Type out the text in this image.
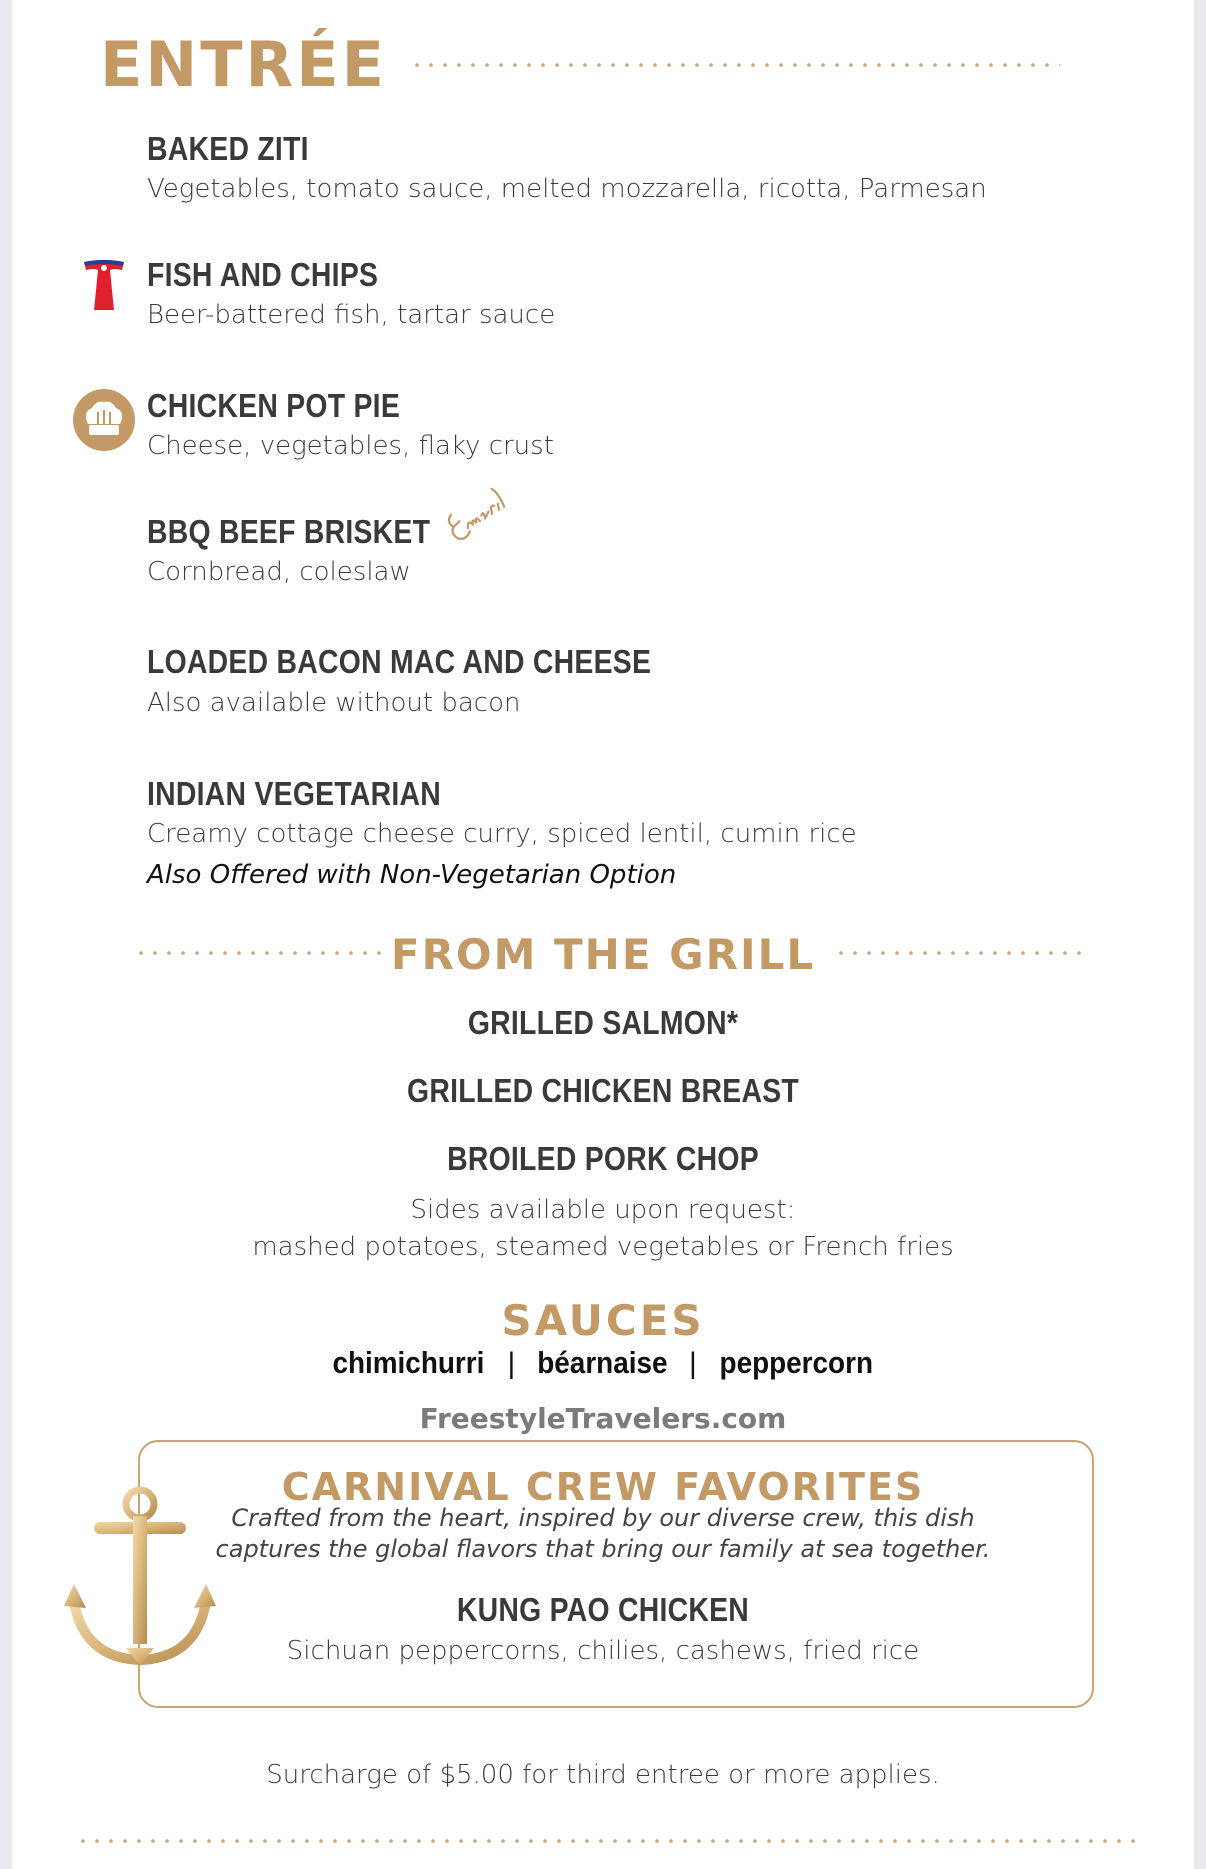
ENTRÉE
BAKED ZITI
Vegetables, tomato sauce, melted mozzarella, ricotta, Parmesan
FISH AND CHIPS
Beer-battered fish, tartar sauce
CHICKEN POT PIE
Cheese, vegetables, flaky crust
BBQ BEEF BRISKET
Cornbread, coleslaw
LOADED BACON MAC AND CHEESE
Also available without bacon
INDIAN VEGETARIAN
Creamy cottage cheese curry, spiced lentil, cumin rice
Also Offered with Non-Vegetarian Option
FROM THE GRILL
GRILLED SALMON*
GRILLED CHICKEN BREAST
BROILED PORK CHOP
Sides available upon request:
mashed potatoes, steamed vegetables or French fries
SAUCES
chimichurri | béarnaise | peppercorn
FreestyleTravelers.com
CARNIVAL CREW FAVORITES
Crafted from the heart, inspired by our diverse crew, this dish
captures the global flavors that bring our family at sea together.
KUNG PAO CHICKEN
Sichuan peppercorns, chilies, cashews, fried rice
Surcharge of $5.00 for third entree or more applies.
